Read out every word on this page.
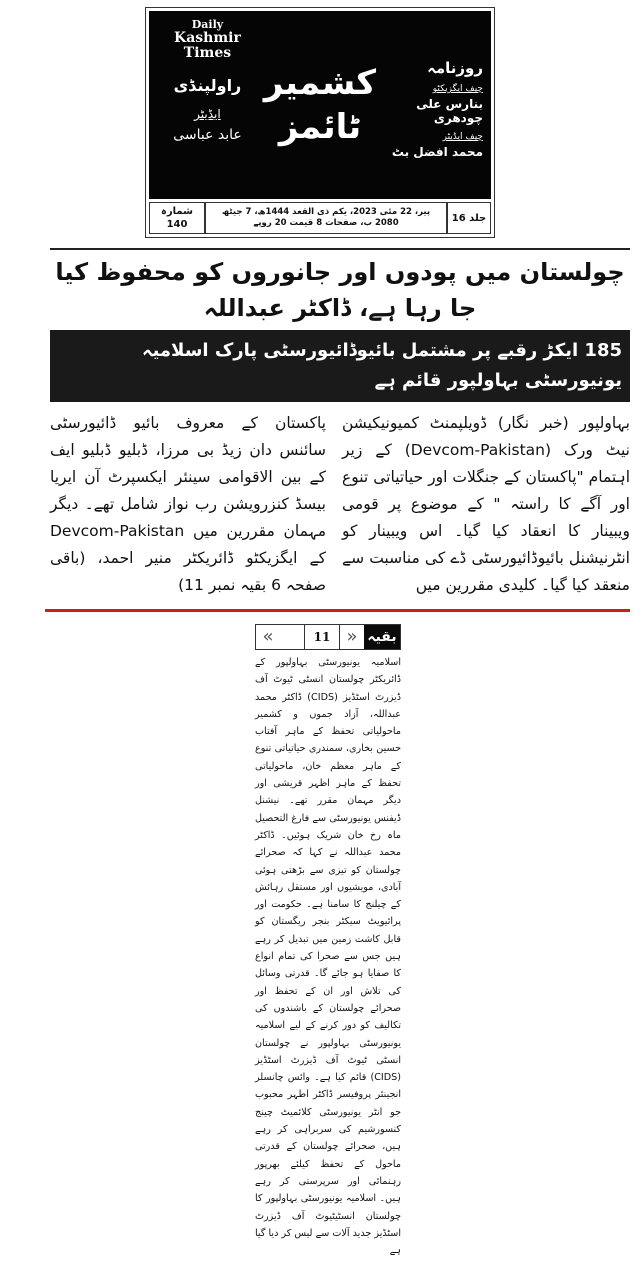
Daily
Kashmir Times
راولپنڈی
ایڈیٹر
عابد عباسی
کشمیر ٹائمز
روزنامہ
چیف ایگزیکٹو
بنارس علی چودھری
چیف ایڈیٹر
محمد افضل بٹ
جلد 16
پیر، 22 مئی 2023، یکم ذی القعد 1444ھ، 7 جیٹھ 2080 ب، صفحات 8 قیمت 20 روپے
شمارہ 140
چولستان میں پودوں اور جانوروں کو محفوظ کیا جا رہا ہے، ڈاکٹر عبداللہ
185 ایکڑ رقبے پر مشتمل بائیوڈائیورسٹی پارک اسلامیہ یونیورسٹی بہاولپور قائم ہے
بہاولپور (خبر نگار) ڈویلپمنٹ کمیونیکیشن نیٹ ورک (Devcom-Pakistan) کے زیر اہتمام "پاکستان کے جنگلات اور حیاتیاتی تنوع اور آگے کا راستہ " کے موضوع پر قومی ویبینار کا انعقاد کیا گیا۔ اس ویبینار کو انٹرنیشنل بائیوڈائیورسٹی ڈے کی مناسبت سے منعقد کیا گیا۔ کلیدی مقررین میں
پاکستان کے معروف بائیو ڈائیورسٹی سائنس دان زیڈ بی مرزا، ڈبلیو ڈبلیو ایف کے بین الاقوامی سینئر ایکسپرٹ آن ایریا بیسڈ کنزرویشن رب نواز شامل تھے۔ دیگر مہمان مقررین میں Devcom-Pakistan کے ایگزیکٹو ڈائریکٹر منیر احمد، (باقی صفحہ 6 بقیہ نمبر 11)
«	11 » بقیہ
اسلامیہ یونیورسٹی بہاولپور کے ڈائریکٹر چولستان انسٹی ٹیوٹ آف ڈیزرٹ اسٹڈیز (CIDS) ڈاکٹر محمد عبداللہ، آزاد جموں و کشمیر ماحولیاتی تحفظ کے ماہر آفتاب حسین بخاری، سمندری حیاتیاتی تنوع کے ماہر معظم خان، ماحولیاتی تحفظ کے ماہر اظہر قریشی اور دیگر مہمان مقرر تھے۔ نیشنل ڈیفنس یونیورسٹی سے فارغ التحصیل ماہ رخ خان شریک ہوئیں۔ ڈاکٹر محمد عبداللہ نے کہا کہ صحرائے چولستان کو تیزی سے بڑھتی ہوئی آبادی، مویشیوں اور مستقل رہائش کے چیلنج کا سامنا ہے۔ حکومت اور پرائیویٹ سیکٹر بنجر ریگستان کو قابل کاشت زمین میں تبدیل کر رہے ہیں جس سے صحرا کی تمام انواع کا صفایا ہو جائے گا۔ قدرتی وسائل کی تلاش اور ان کے تحفظ اور صحرائے چولستان کے باشندوں کی تکالیف کو دور کرنے کے لیے اسلامیہ یونیورسٹی بہاولپور نے چولستان انسٹی ٹیوٹ آف ڈیزرٹ اسٹڈیز (CIDS) قائم کیا ہے۔ وائس چانسلر انجینئر پروفیسر ڈاکٹر اطہر محبوب جو انٹر یونیورسٹی کلائمیٹ چینج کنسورشیم کی سربراہی کر رہے ہیں، صحرائے چولستان کے قدرتی ماحول کے تحفظ کیلئے بھرپور رہنمائی اور سرپرستی کر رہے ہیں۔ اسلامیہ یونیورسٹی بہاولپور کا چولستان انسٹیٹیوٹ آف ڈیزرٹ اسٹڈیز جدید آلات سے لیس کر دیا گیا ہے
